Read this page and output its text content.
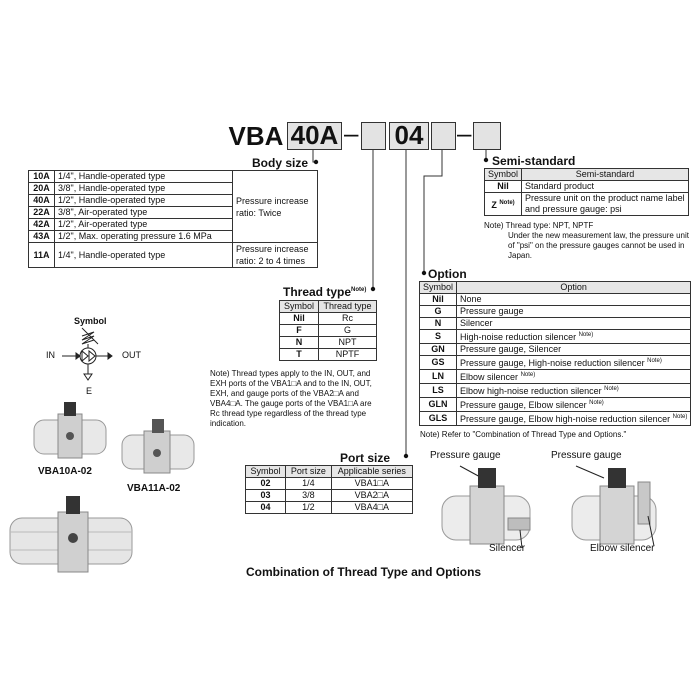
VBA 40A – 04 –
Body size
10A	1/4", Handle-operated type	Pressure increase ratio: Twice
20A	3/8", Handle-operated type	
40A	1/2", Handle-operated type	
22A	3/8", Air-operated type	
42A	1/2", Air-operated type	
43A	1/2", Max. operating pressure 1.6 MPa	
11A	1/4", Handle-operated type	Pressure increase ratio: 2 to 4 times
Semi-standard
Symbol	Semi-standard
Nil	Standard product
Z $^{Note)}$	Pressure unit on the product name label and pressure gauge: psi
Note) Thread type: NPT, NPTF
Under the new measurement law, the pressure unit of "psi" on the pressure gauges cannot be used in Japan.
Thread type$^{Note)}$
Symbol	Thread type
Nil	Rc
F	G
N	NPT
T	NPTF
Note) Thread types apply to the IN, OUT, and EXH ports of the VBA1□A and to the IN, OUT, EXH, and gauge ports of the VBA2□A and VBA4□A. The gauge ports of the VBA1□A are Rc thread type regardless of the thread type indication.
Option
Symbol	Option
Nil	None
G	Pressure gauge
N	Silencer
S	High-noise reduction silencer $^{Note)}$
GN	Pressure gauge, Silencer
GS	Pressure gauge, High-noise reduction silencer $^{Note)}$
LN	Elbow silencer $^{Note)}$
LS	Elbow high-noise reduction silencer $^{Note)}$
GLN	Pressure gauge, Elbow silencer $^{Note)}$
GLS	Pressure gauge, Elbow high-noise reduction silencer $^{Note)}$
Note) Refer to "Combination of Thread Type and Options."
Port size
Symbol	Port size	Applicable series
02	1/4	VBA1□A
03	3/8	VBA2□A
04	1/2	VBA4□A
Symbol
IN	OUT
E
VBA10A-02
VBA11A-02
Pressure gauge
Silencer
Pressure gauge
Elbow silencer
Combination of Thread Type and Options
